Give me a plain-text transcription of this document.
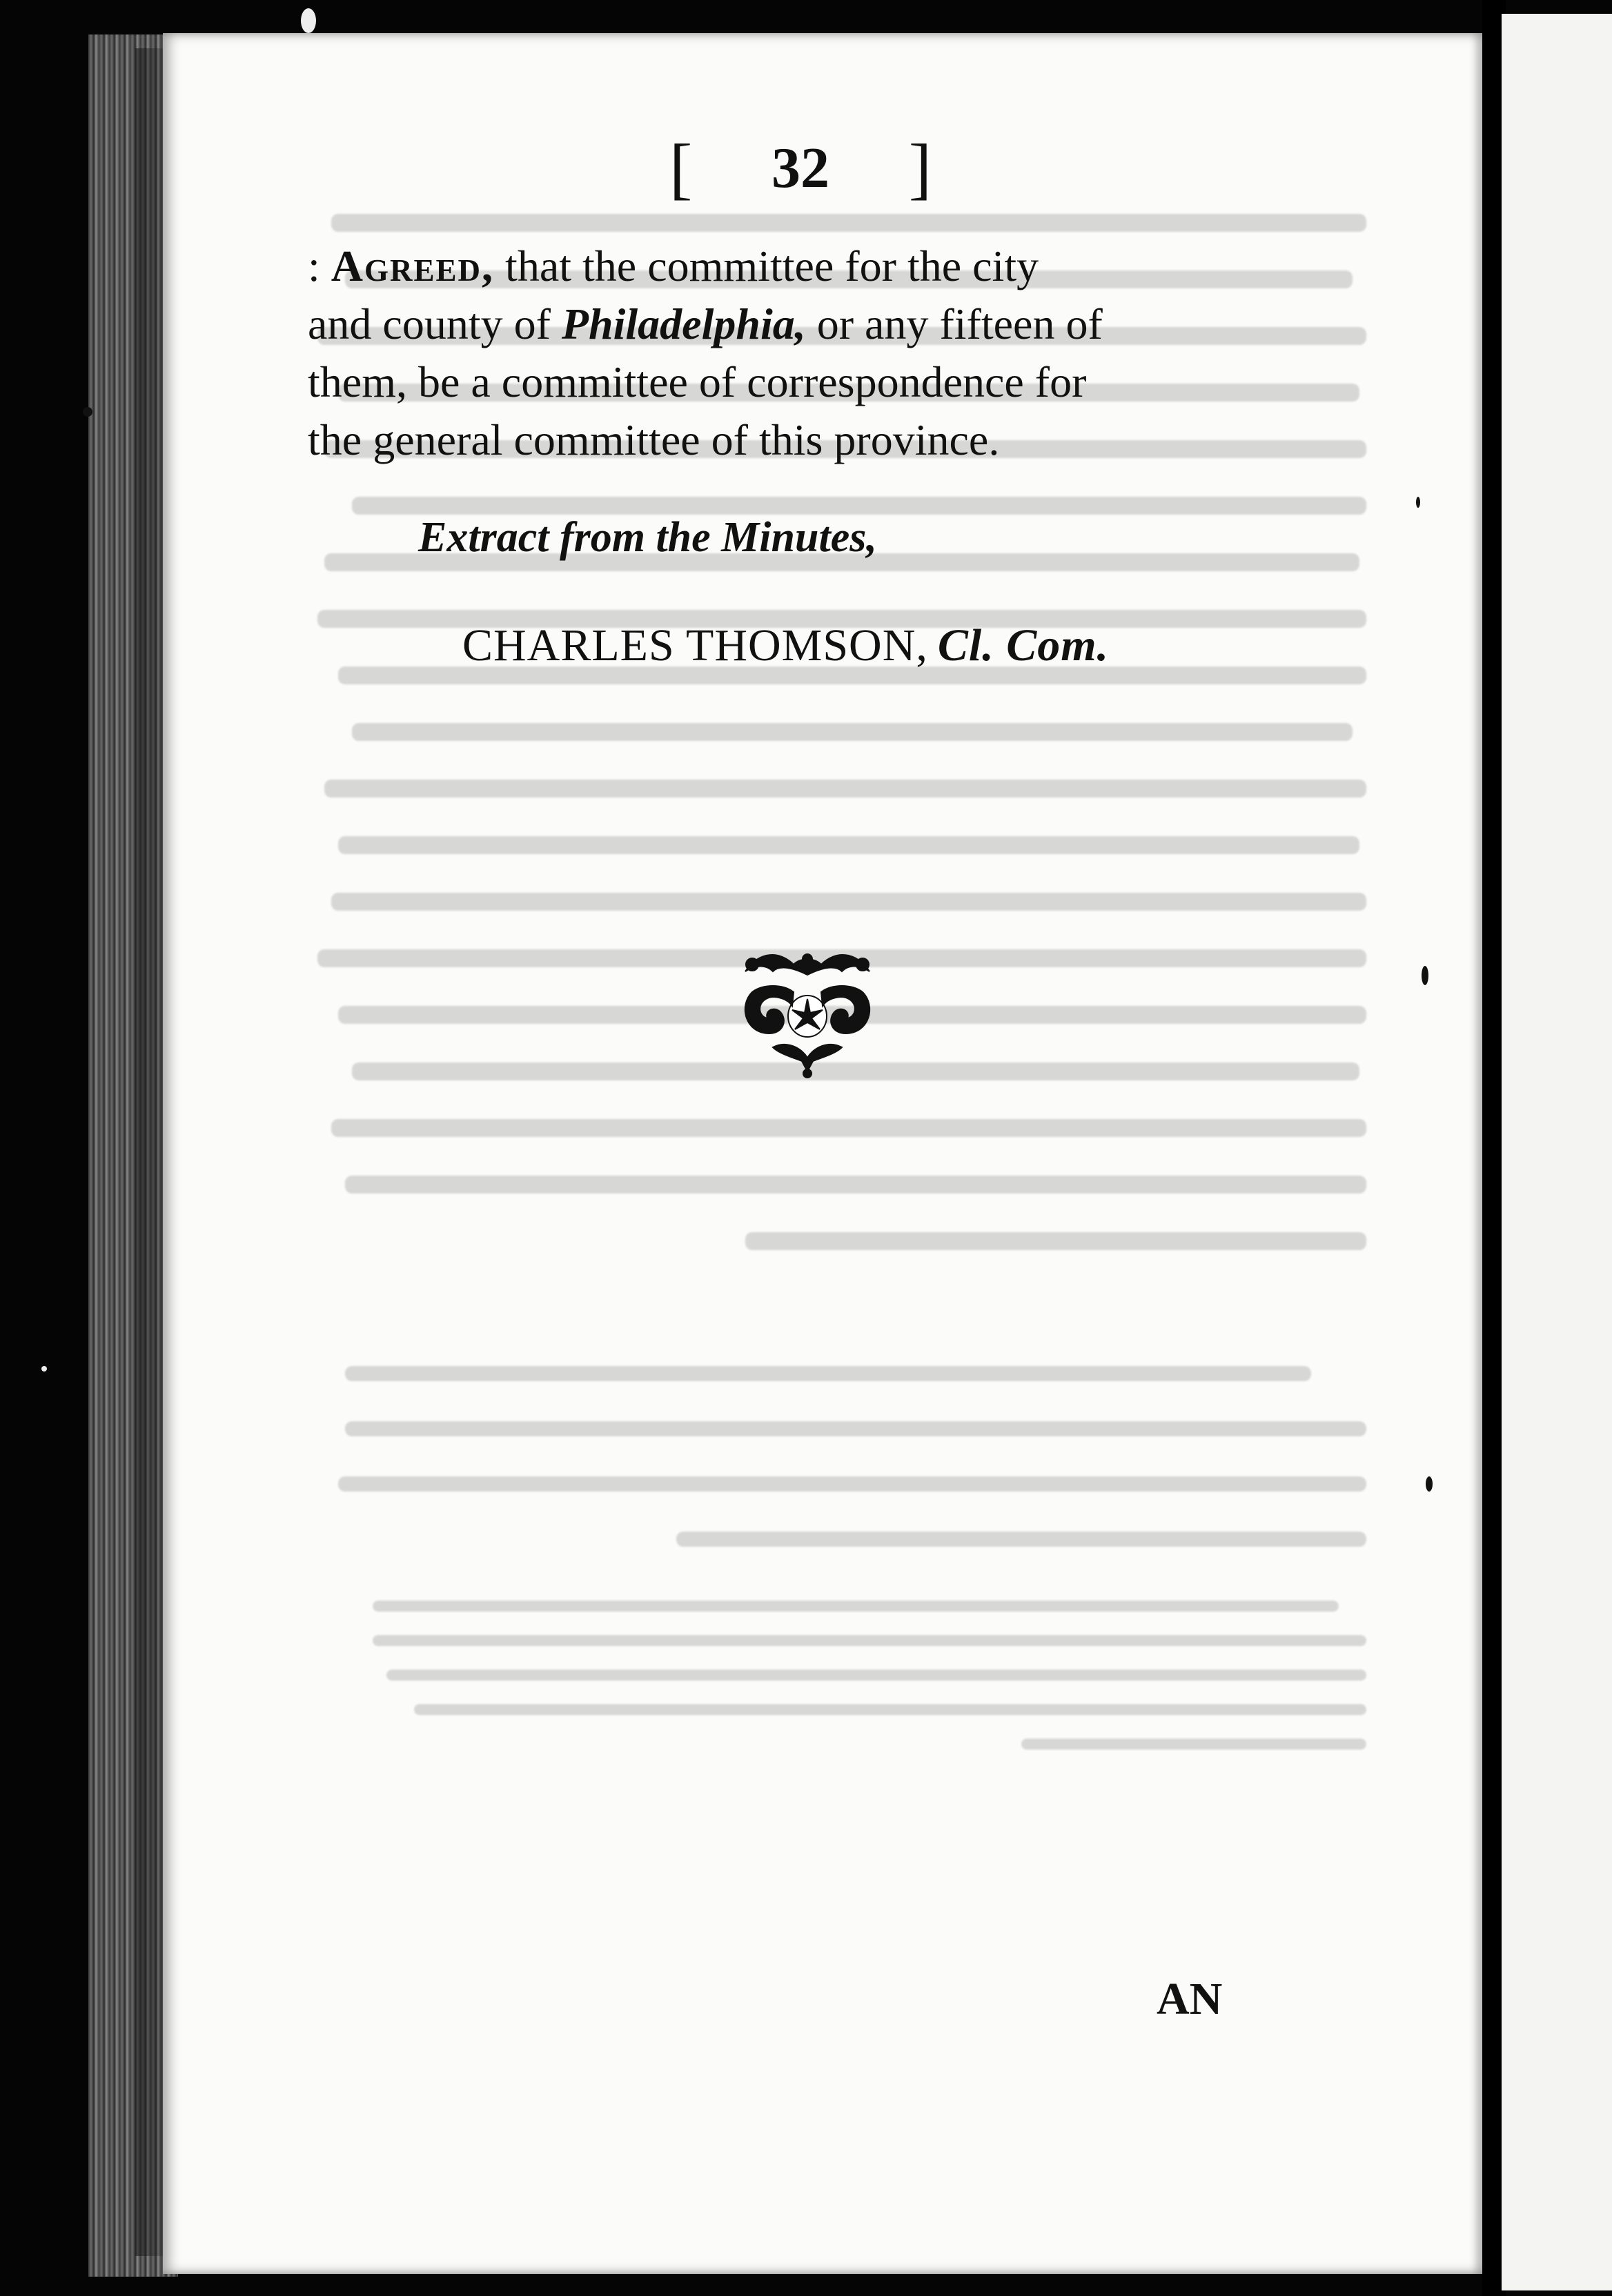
[ 32 ]
: Agreed, that the committee for the city
and county of Philadelphia, or any fifteen of
them, be a committee of correspondence for
the general committee of this province.
Extract from the Minutes,
CHARLES THOMSON, Cl. Com.
AN
